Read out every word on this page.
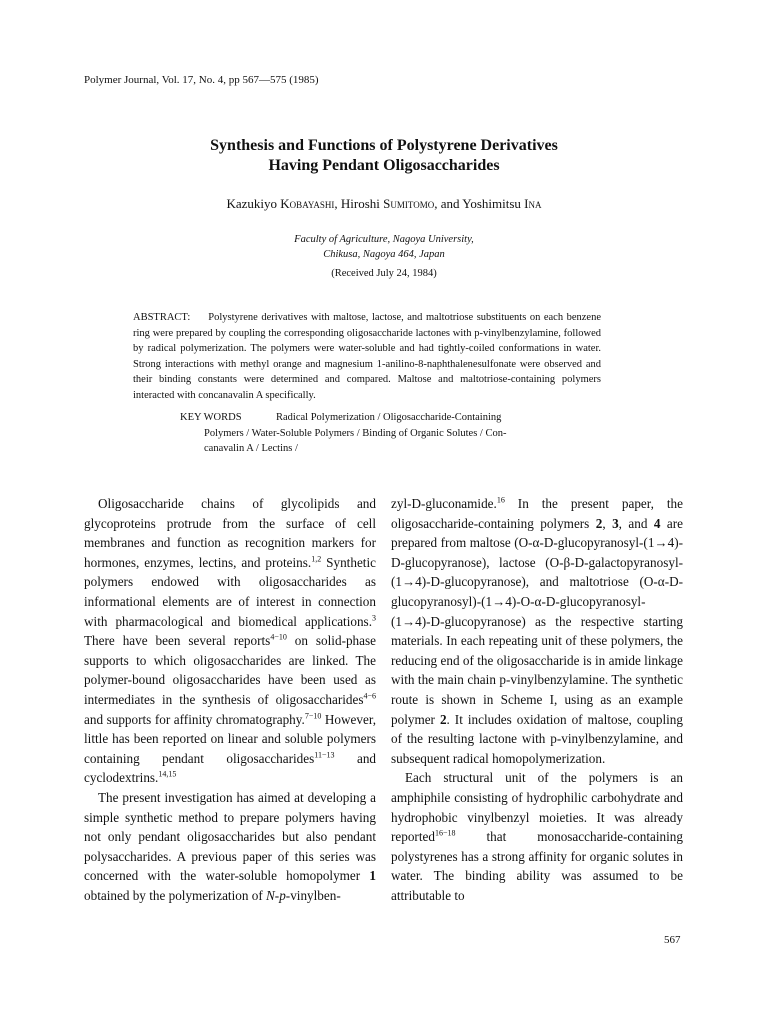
Polymer Journal, Vol. 17, No. 4, pp 567—575 (1985)
Synthesis and Functions of Polystyrene Derivatives
Having Pendant Oligosaccharides
Kazukiyo Kobayashi, Hiroshi Sumitomo, and Yoshimitsu Ina
Faculty of Agriculture, Nagoya University,
Chikusa, Nagoya 464, Japan
(Received July 24, 1984)
ABSTRACT: Polystyrene derivatives with maltose, lactose, and maltotriose substituents on each benzene ring were prepared by coupling the corresponding oligosaccharide lactones with p-vinylbenzylamine, followed by radical polymerization. The polymers were water-soluble and had tightly-coiled conformations in water. Strong interactions with methyl orange and magnesium 1-anilino-8-naphthalenesulfonate were observed and their binding constants were determined and compared. Maltose and maltotriose-containing polymers interacted with concanavalin A specifically.
KEY WORDS	Radical Polymerization / Oligosaccharide-Containing
Polymers / Water-Soluble Polymers / Binding of Organic Solutes / Con-
canavalin A / Lectins /

Oligosaccharide chains of glycolipids and glycoproteins protrude from the surface of cell membranes and function as recognition markers for hormones, enzymes, lectins, and proteins.$^{1,2}$ Synthetic polymers endowed with oligosaccharides as informational elements are of interest in connection with pharmacological and biomedical applications.$^3$ There have been several reports$^{4-10}$ on solid-phase supports to which oligosaccharides are linked. The polymer-bound oligosaccharides have been used as intermediates in the synthesis of oligosaccharides$^{4-6}$ and supports for affinity chromatography.$^{7-10}$ However, little has been reported on linear and soluble polymers containing pendant oligosaccharides$^{11-13}$ and cyclodextrins.$^{14,15}$

The present investigation has aimed at developing a simple synthetic method to prepare polymers having not only pendant oligosaccharides but also pendant polysaccharides. A previous paper of this series was concerned with the water-soluble homopolymer 1 obtained by the polymerization of N-p-vinylben-

zyl-D-gluconamide.$^{16}$ In the present paper, the oligosaccharide-containing polymers 2, 3, and 4 are prepared from maltose (O-α-D-glucopyranosyl-(1→4)-D-glucopyranose), lactose (O-β-D-galactopyranosyl-(1→4)-D-glucopyranose), and maltotriose (O-α-D-glucopyranosyl)-(1→4)-O-α-D-glucopyranosyl-(1→4)-D-glucopyranose) as the respective starting materials. In each repeating unit of these polymers, the reducing end of the oligosaccharide is in amide linkage with the main chain p-vinylbenzylamine. The synthetic route is shown in Scheme I, using as an example polymer 2. It includes oxidation of maltose, coupling of the resulting lactone with p-vinylbenzylamine, and subsequent radical homopolymerization.

Each structural unit of the polymers is an amphiphile consisting of hydrophilic carbohydrate and hydrophobic vinylbenzyl moieties. It was already reported$^{16-18}$ that monosaccharide-containing polystyrenes has a strong affinity for organic solutes in water. The binding ability was assumed to be attributable to

567
